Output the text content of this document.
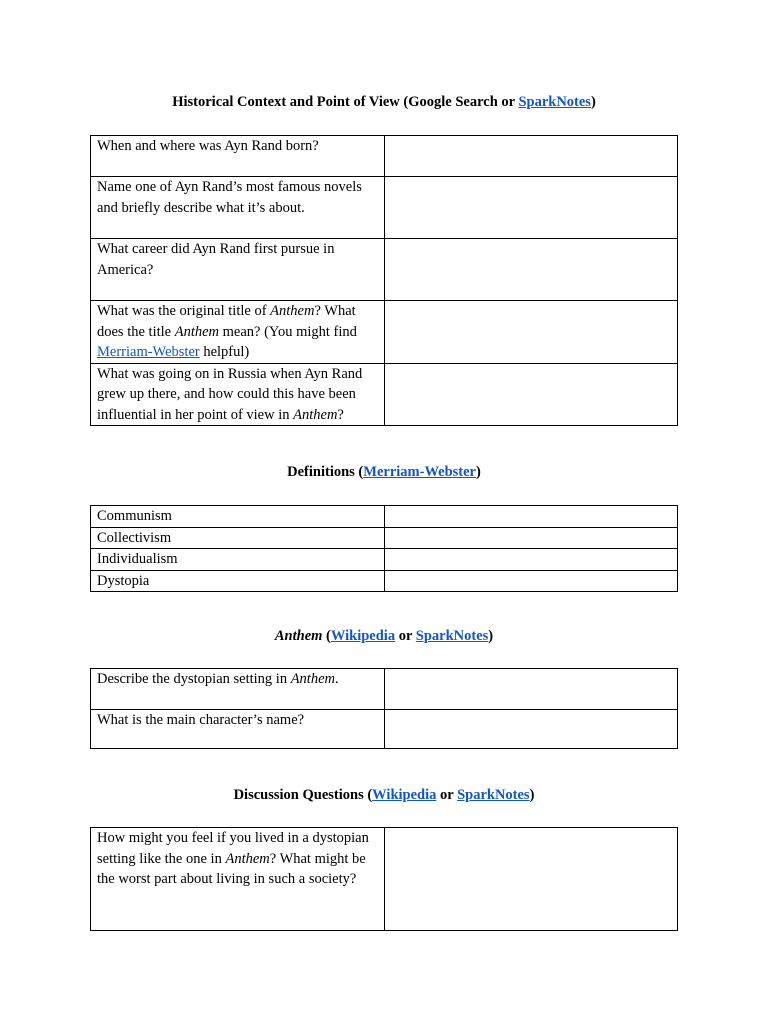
Historical Context and Point of View (Google Search or SparkNotes)
When and where was Ayn Rand born?	
Name one of Ayn Rand’s most famous novels and briefly describe what it’s about.	
What career did Ayn Rand first pursue in America?	
What was the original title of Anthem? What does the title Anthem mean? (You might find
Merriam-Webster helpful)	
What was going on in Russia when Ayn Rand grew up there, and how could this have been influential in her point of view in Anthem?	
Definitions (Merriam-Webster)
Communism	
Collectivism	
Individualism	
Dystopia	
Anthem (Wikipedia or SparkNotes)
Describe the dystopian setting in Anthem.	
What is the main character’s name?	
Discussion Questions (Wikipedia or SparkNotes)
How might you feel if you lived in a dystopian setting like the one in Anthem? What might be the worst part about living in such a society?	
